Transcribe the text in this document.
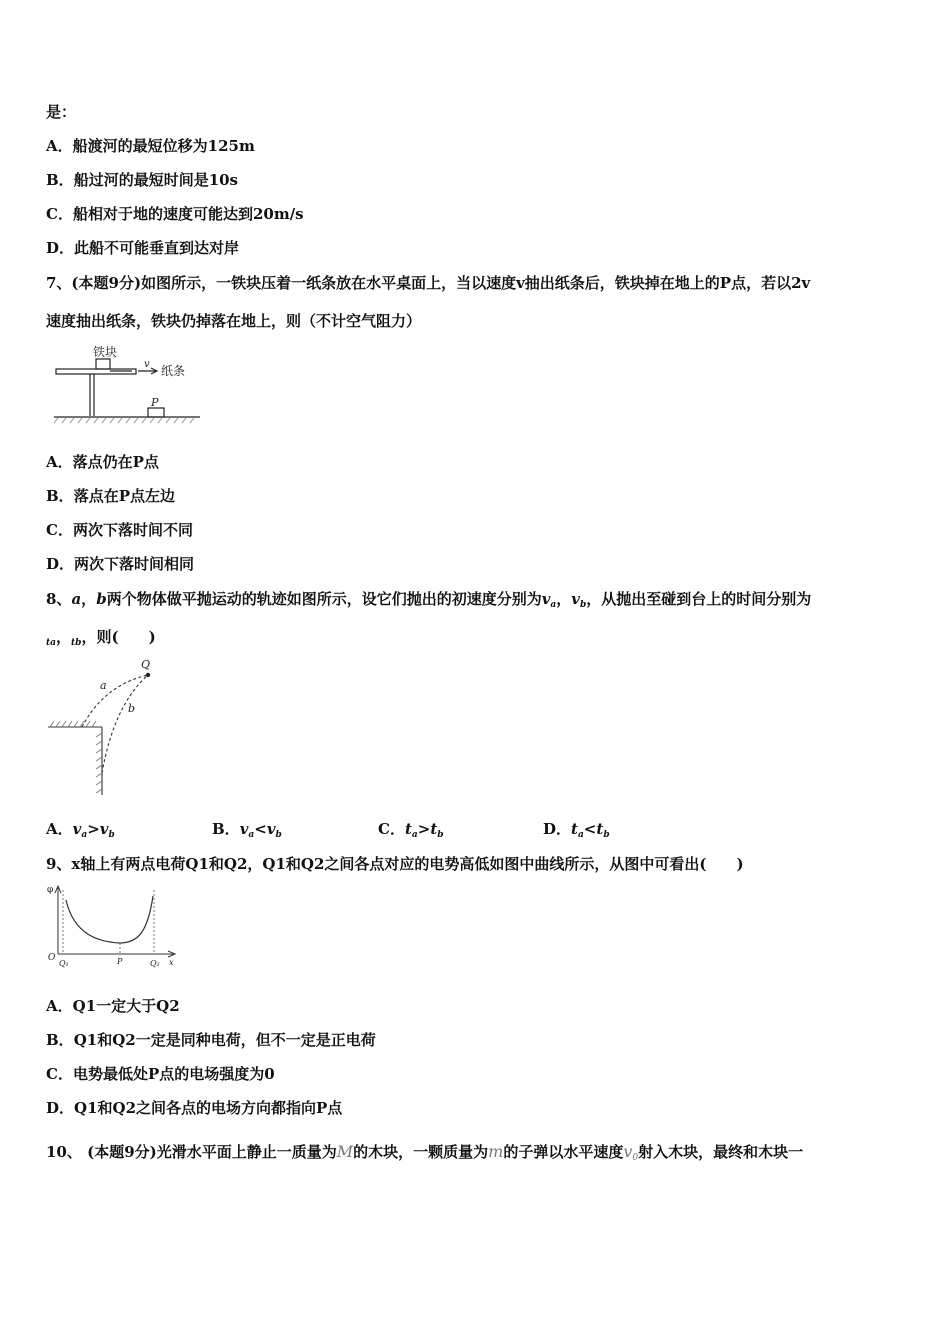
是：
A．船渡河的最短位移为125m
B．船过河的最短时间是10s
C．船相对于地的速度可能达到20m/s
D．此船不可能垂直到达对岸
7、(本题9分)如图所示，一铁块压着一纸条放在水平桌面上，当以速度v抽出纸条后，铁块掉在地上的P点，若以2v
速度抽出纸条，铁块仍掉落在地上，则（不计空气阻力）
铁块
v 纸条
P
A．落点仍在P点
B．落点在P点左边
C．两次下落时间不同
D．两次下落时间相同
8、a，b两个物体做平抛运动的轨迹如图所示，设它们抛出的初速度分别为$v_a$，$v_b$，从抛出至碰到台上的时间分别为
$_{ta}$，$_{tb}$，则(　　)
Q
a
b
A．$v_a>v_b$	B．$v_a<v_b$	C．$t_a>t_b$	D．$t_a<t_b$
9、x轴上有两点电荷Q1和Q2，Q1和Q2之间各点对应的电势高低如图中曲线所示，从图中可看出(　　)
φ
O
Q₁	P	Q₂ x
A．Q1一定大于Q2
B．Q1和Q2一定是同种电荷，但不一定是正电荷
C．电势最低处P点的电场强度为0
D．Q1和Q2之间各点的电场方向都指向P点
10、 (本题9分)光滑水平面上静止一质量为M的木块，一颗质量为m的子弹以水平速度$v_0$射入木块，最终和木块一
